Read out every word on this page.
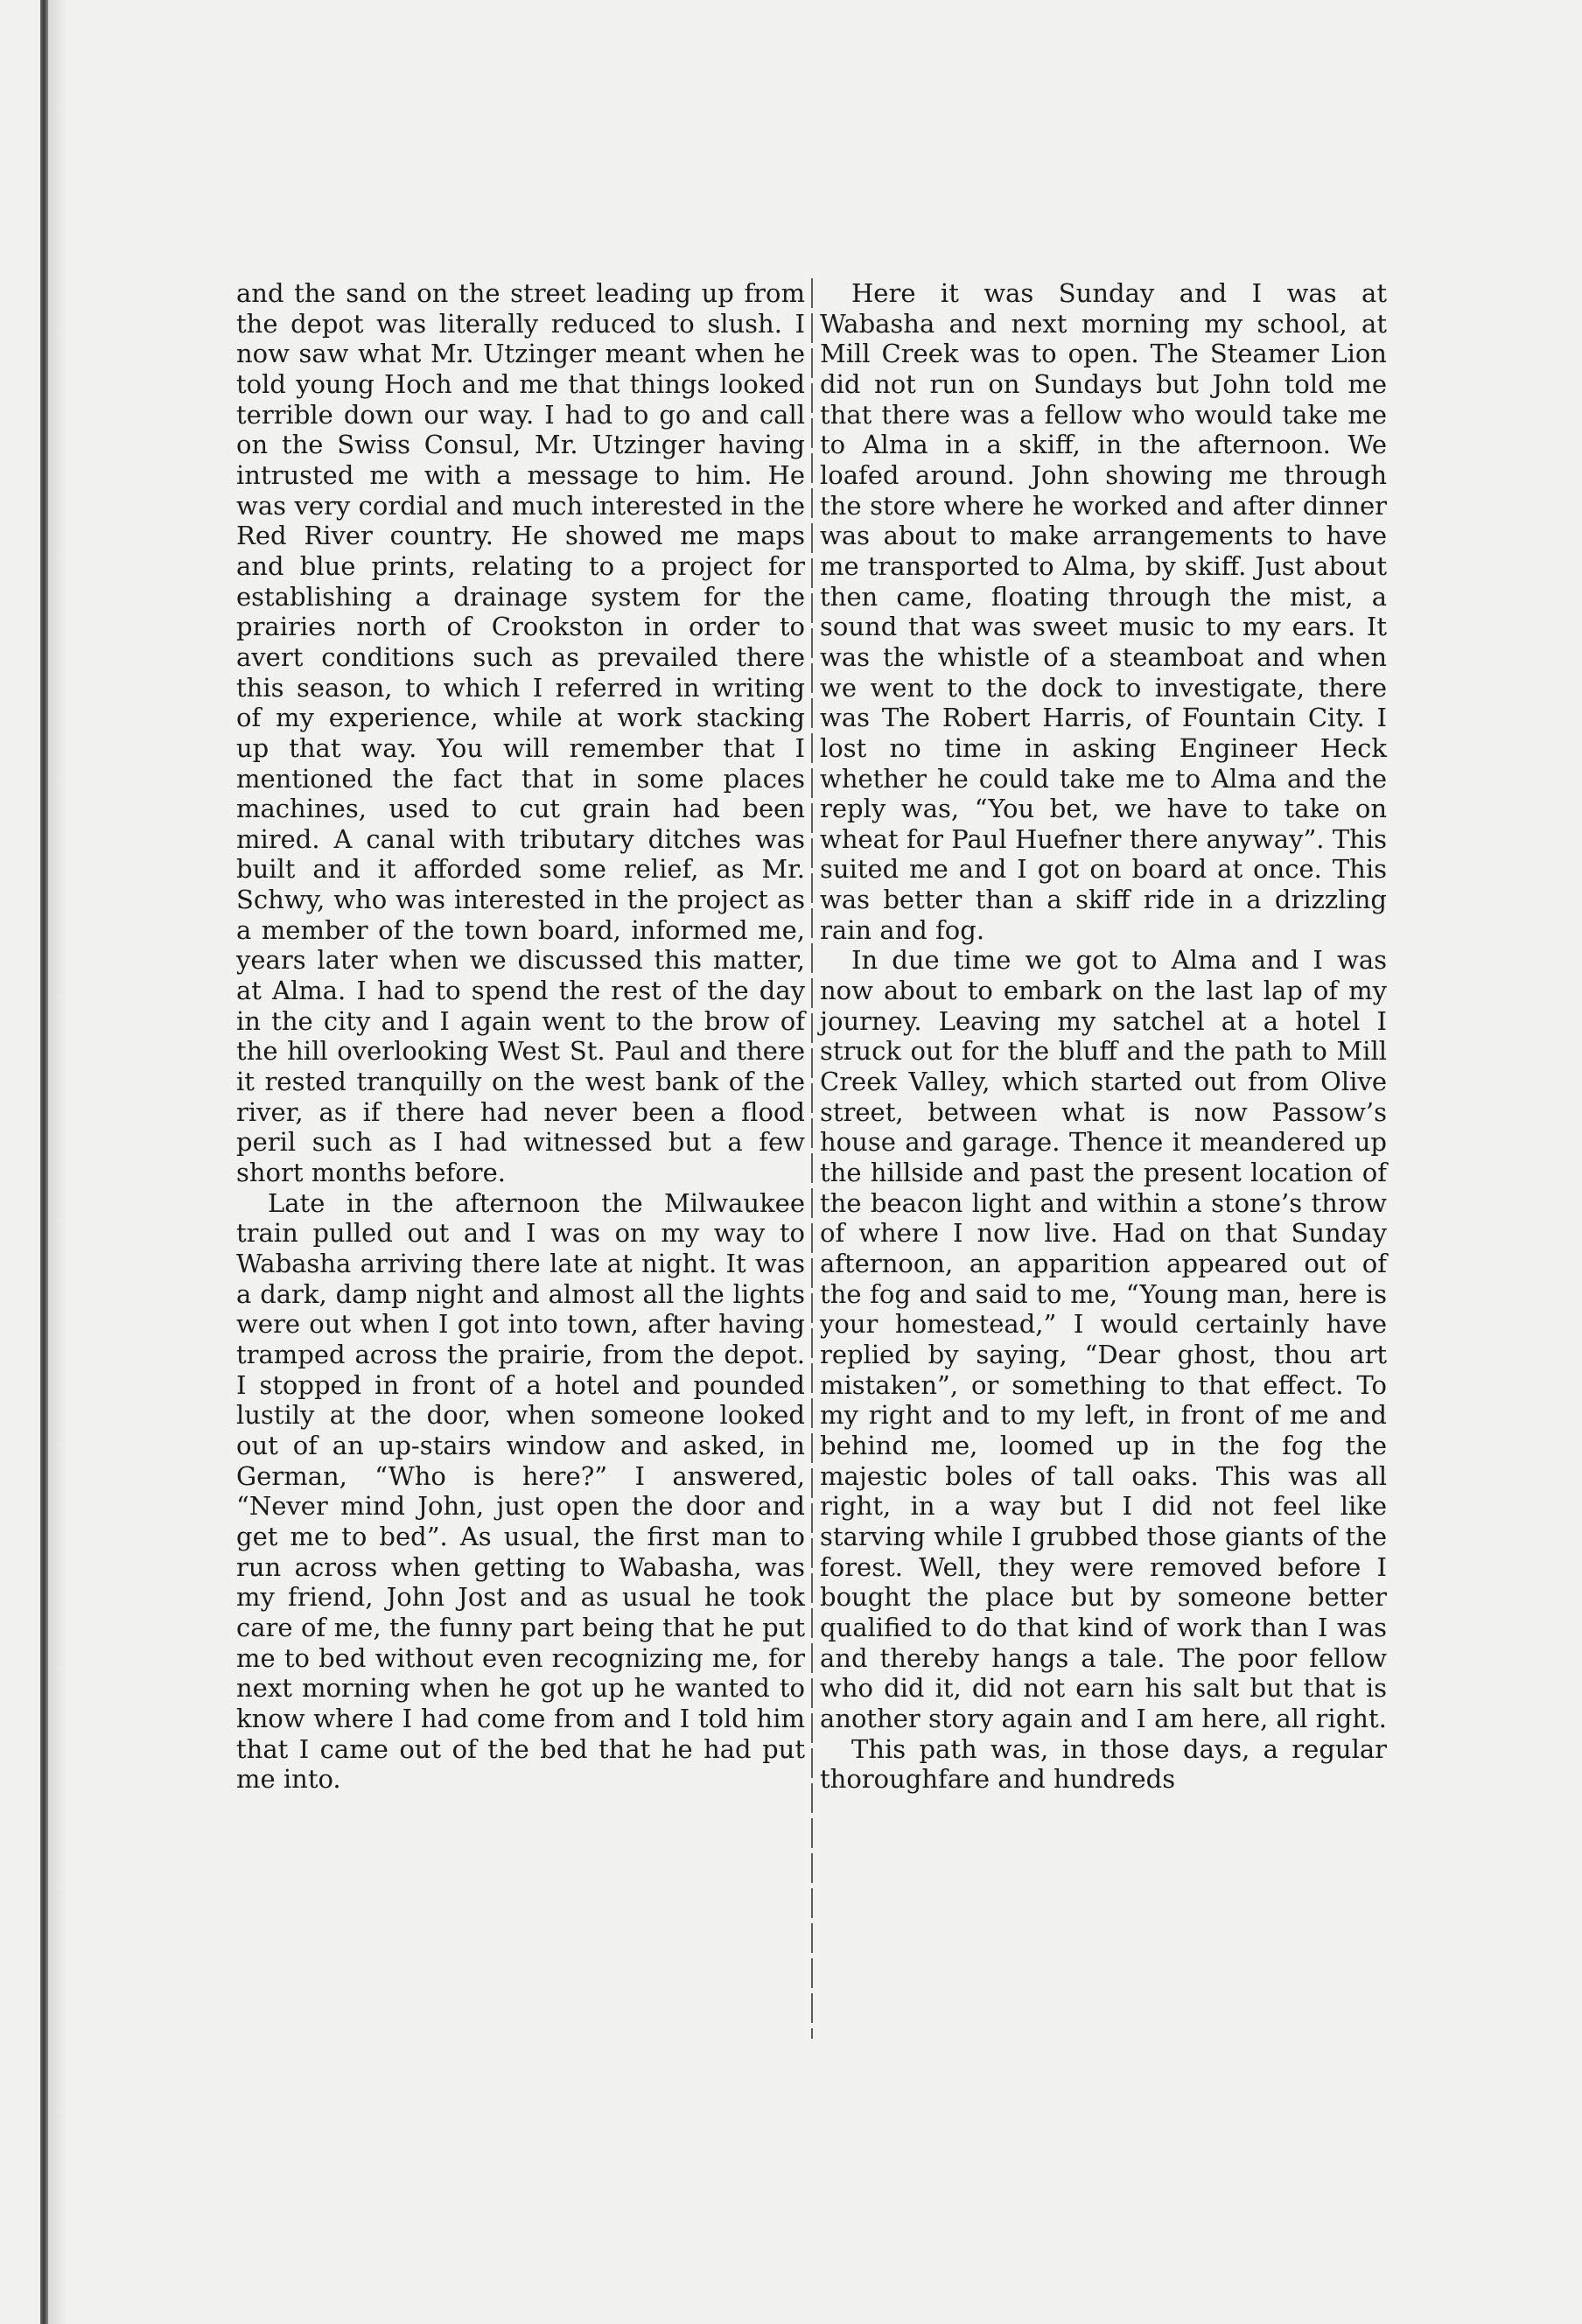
and the sand on the street leading up from the depot was literally reduced to slush. I now saw what Mr. Utzinger meant when he told young Hoch and me that things looked terrible down our way. I had to go and call on the Swiss Consul, Mr. Utzinger having intrusted me with a message to him. He was very cordial and much interested in the Red River country. He showed me maps and blue prints, relating to a project for establishing a drainage system for the prairies north of Crookston in order to avert conditions such as prevailed there this season, to which I referred in writing of my experience, while at work stacking up that way. You will remember that I mentioned the fact that in some places machines, used to cut grain had been mired. A canal with tributary ditches was built and it afforded some relief, as Mr. Schwy, who was interested in the project as a member of the town board, informed me, years later when we discussed this matter, at Alma. I had to spend the rest of the day in the city and I again went to the brow of the hill overlooking West St. Paul and there it rested tranquilly on the west bank of the river, as if there had never been a flood peril such as I had witnessed but a few short months before.

Late in the afternoon the Milwaukee train pulled out and I was on my way to Wabasha arriving there late at night. It was a dark, damp night and almost all the lights were out when I got into town, after having tramped across the prairie, from the depot. I stopped in front of a hotel and pounded lustily at the door, when someone looked out of an up-stairs window and asked, in German, “Who is here?” I answered, “Never mind John, just open the door and get me to bed”. As usual, the first man to run across when getting to Wabasha, was my friend, John Jost and as usual he took care of me, the funny part being that he put me to bed without even recognizing me, for next morning when he got up he wanted to know where I had come from and I told him that I came out of the bed that he had put me into.

Here it was Sunday and I was at Wabasha and next morning my school, at Mill Creek was to open. The Steamer Lion did not run on Sundays but John told me that there was a fellow who would take me to Alma in a skiff, in the afternoon. We loafed around. John showing me through the store where he worked and after dinner was about to make arrangements to have me transported to Alma, by skiff. Just about then came, floating through the mist, a sound that was sweet music to my ears. It was the whistle of a steamboat and when we went to the dock to investigate, there was The Robert Harris, of Fountain City. I lost no time in asking Engineer Heck whether he could take me to Alma and the reply was, “You bet, we have to take on wheat for Paul Huefner there anyway”. This suited me and I got on board at once. This was better than a skiff ride in a drizzling rain and fog.

In due time we got to Alma and I was now about to embark on the last lap of my journey. Leaving my satchel at a hotel I struck out for the bluff and the path to Mill Creek Valley, which started out from Olive street, between what is now Passow’s house and garage. Thence it meandered up the hillside and past the present location of the beacon light and within a stone’s throw of where I now live. Had on that Sunday afternoon, an apparition appeared out of the fog and said to me, “Young man, here is your homestead,” I would certainly have replied by saying, “Dear ghost, thou art mistaken”, or something to that effect. To my right and to my left, in front of me and behind me, loomed up in the fog the majestic boles of tall oaks. This was all right, in a way but I did not feel like starving while I grubbed those giants of the forest. Well, they were removed before I bought the place but by someone better qualified to do that kind of work than I was and thereby hangs a tale. The poor fellow who did it, did not earn his salt but that is another story again and I am here, all right.

This path was, in those days, a regular thoroughfare and hundreds
